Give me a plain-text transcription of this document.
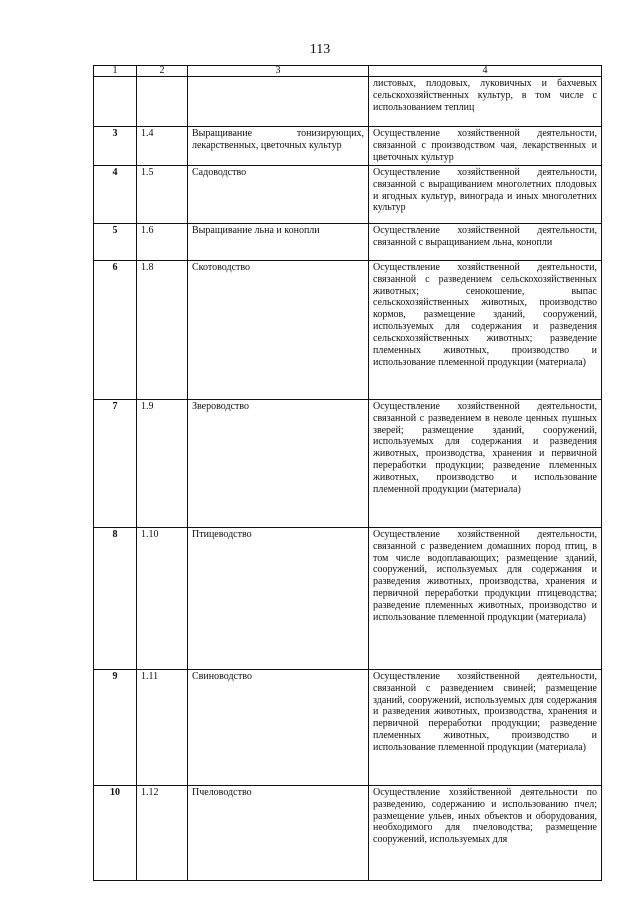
113
1	2	3	4
			листовых, плодовых, луковичных и бахчевых сельскохозяйственных культур, в том числе с использованием теплиц
3	1.4	Выращивание тонизирующих, лекарственных, цветочных культур	Осуществление хозяйственной деятельности, связанной с производством чая, лекарственных и цветочных культур
4	1.5	Садоводство	Осуществление хозяйственной деятельности, связанной с выращиванием многолетних плодовых и ягодных культур, винограда и иных многолетних культур
5	1.6	Выращивание льна и конопли	Осуществление хозяйственной деятельности, связанной с выращиванием льна, конопли
6	1.8	Скотоводство	Осуществление хозяйственной деятельности, связанной с разведением сельскохозяйственных животных; сенокошение, выпас сельскохозяйственных животных, производство кормов, размещение зданий, сооружений, используемых для содержания и разведения сельскохозяйственных животных; разведение племенных животных, производство и использование племенной продукции (материала)
7	1.9	Звероводство	Осуществление хозяйственной деятельности, связанной с разведением в неволе ценных пушных зверей; размещение зданий, сооружений, используемых для содержания и разведения животных, производства, хранения и первичной переработки продукции; разведение племенных животных, производство и использование племенной продукции (материала)
8	1.10	Птицеводство	Осуществление хозяйственной деятельности, связанной с разведением домашних пород птиц, в том числе водоплавающих; размещение зданий, сооружений, используемых для содержания и разведения животных, производства, хранения и первичной переработки продукции птицеводства; разведение племенных животных, производство и использование племенной продукции (материала)
9	1.11	Свиноводство	Осуществление хозяйственной деятельности, связанной с разведением свиней; размещение зданий, сооружений, используемых для содержания и разведения животных, производства, хранения и первичной переработки продукции; разведение племенных животных, производство и использование племенной продукции (материала)
10	1.12	Пчеловодство	Осуществление хозяйственной деятельности по разведению, содержанию и использованию пчел; размещение ульев, иных объектов и оборудования, необходимого для пчеловодства; размещение сооружений, используемых для
